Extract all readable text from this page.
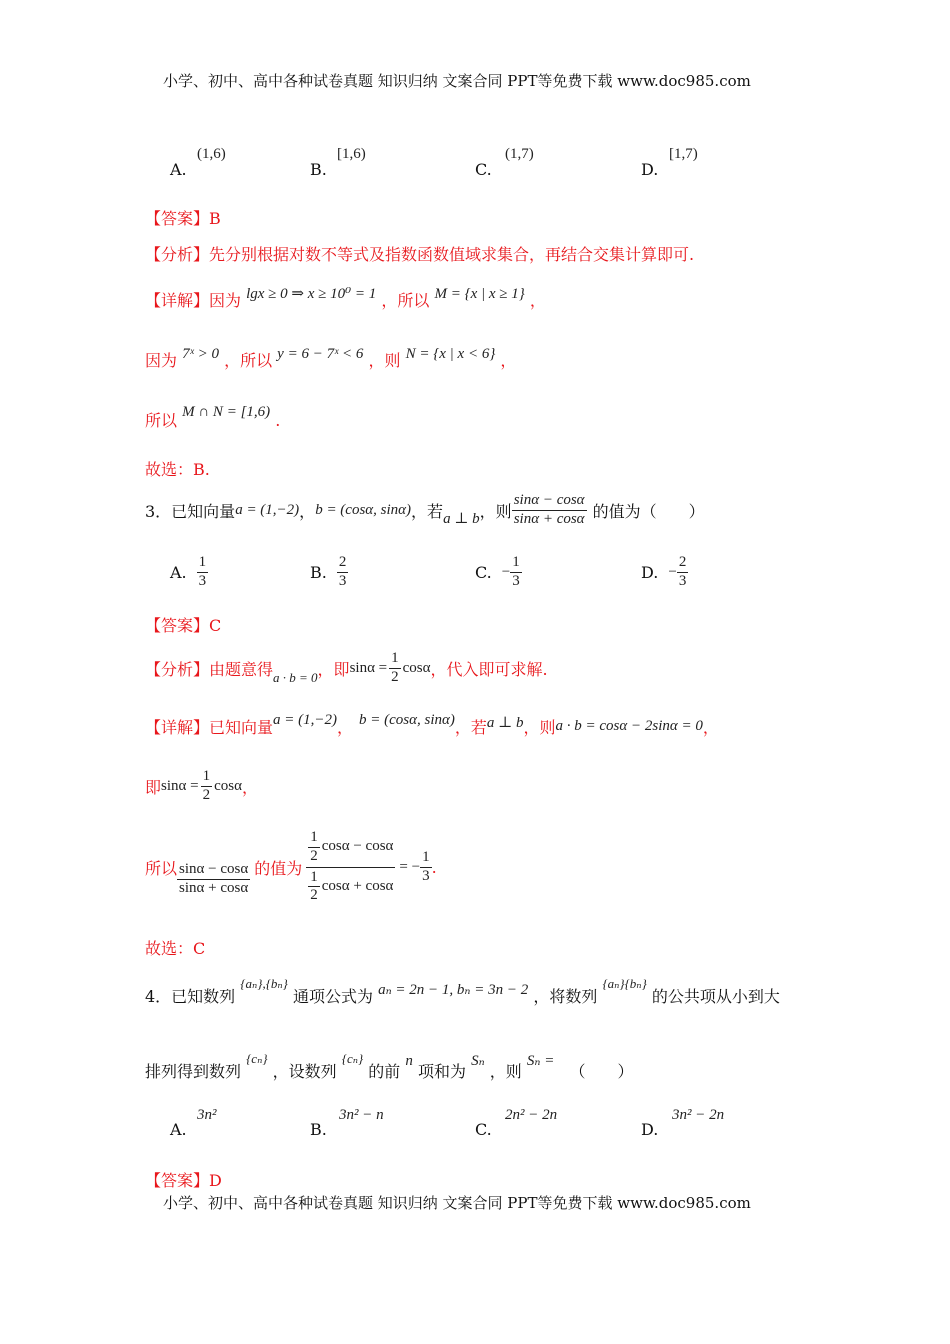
小学、初中、高中各种试卷真题 知识归纳 文案合同 PPT等免费下载 www.doc985.com
A.
(1,6)
B.
[1,6)
C.
(1,7)
D.
[1,7)
【答案】B
【分析】先分别根据对数不等式及指数函数值域求集合，再结合交集计算即可.
【详解】因为 lgx ≥ 0 ⇒ x ≥ 10⁰ = 1 ，所以 M = {x | x ≥ 1} ，
因为 7ˣ > 0 ，所以 y = 6 − 7ˣ < 6 ，则 N = {x | x < 6} ，
所以 M ∩ N = [1,6) .
故选：B.
3．已知向量 a = (1,−2) ， b = (cosα, sinα) ，若 a ⊥ b ，则 $\frac{\sin\alpha - \cos\alpha}{\sin\alpha + \cos\alpha}$ 的值为（　　）
A. $\frac{1}{3}$	B. $\frac{2}{3}$	C. − $\frac{1}{3}$	D. − $\frac{2}{3}$
【答案】C
【分析】由题意得 a · b = 0 ，即 $\sin\alpha = \frac{1}{2}$ cosα ，代入即可求解.
【详解】已知向量 a = (1,−2) ， b = (cosα, sinα) ，若 a ⊥ b ，则 a · b = cosα − 2sinα = 0 ，
即 $\sin\alpha = \frac{1}{2}$ cosα ，
所以 $\frac{\sin\alpha - \cos\alpha}{\sin\alpha + \cos\alpha}$ 的值为 $\frac{\frac{1}{2} \cos\alpha - \cos\alpha}{\frac{1}{2} \cos\alpha + \cos\alpha}$ = − $\frac{1}{3}$ .
故选：C
4．已知数列 $^{\{a_n\},\{b_n\}}$ 通项公式为 aₙ = 2n − 1, bₙ = 3n − 2 ，将数列 $^{\{a_n\}\{b_n\}}$ 的公共项从小到大
排列得到数列 $^{\{c_n\}}$ ，设数列 $^{\{c_n\}}$ 的前 n 项和为 Sₙ ，则 Sₙ = （　　）
A.
3n²
B.
3n² − n
C.
2n² − 2n
D.
3n² − 2n
【答案】D
小学、初中、高中各种试卷真题 知识归纳 文案合同 PPT等免费下载 www.doc985.com
